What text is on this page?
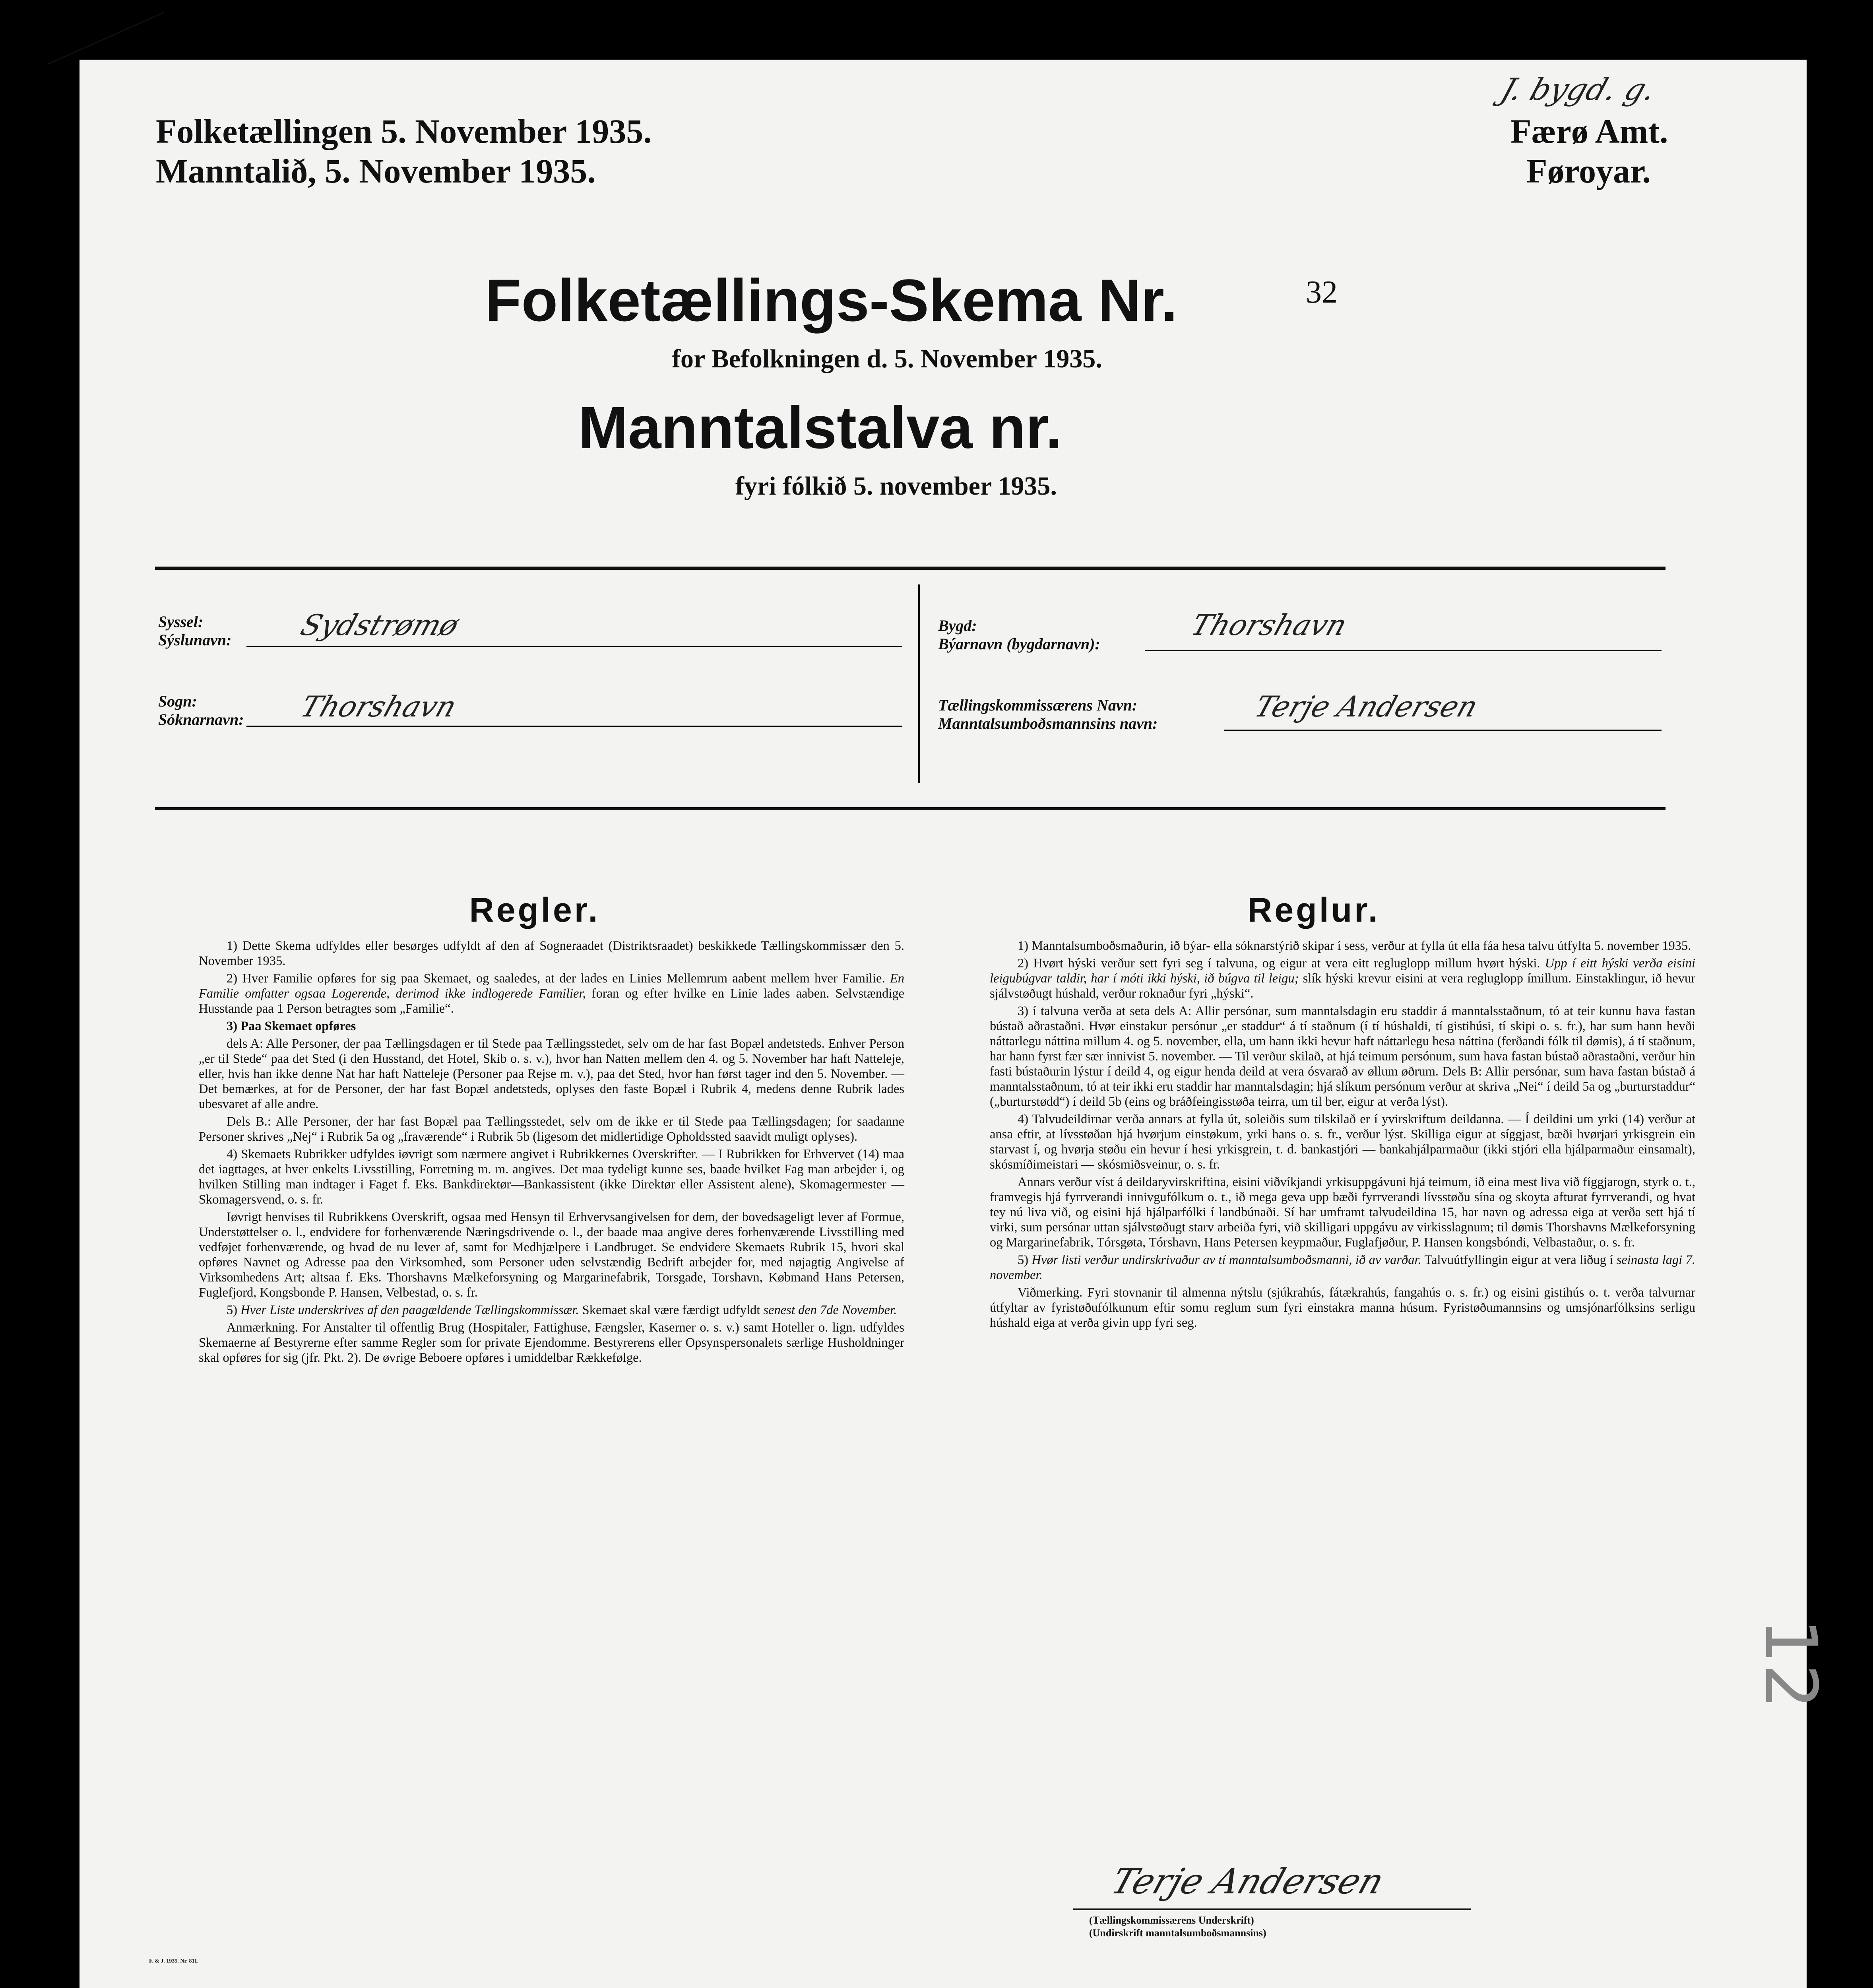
Folketællingen 5. November 1935.
Manntalið, 5. November 1935.
J. bygd. g.
Færø Amt.
Føroyar.
Folketællings-Skema Nr.	32
for Befolkningen d. 5. November 1935.
Manntalstalva nr.
fyri fólkið 5. november 1935.
Syssel:
Sýslunavn: Sydstrømø
Sogn:
Sóknarnavn: Thorshavn
Bygd:
Býarnavn (bygdarnavn):
Thorshavn
Tællingskommissærens Navn:
Manntalsumboðsmannsins navn:
Terje Andersen
Regler.	Reglur.

1) Dette Skema udfyldes eller besørges udfyldt af den af Sogneraadet (Distriktsraadet) beskikkede Tællingskommissær den 5. November 1935.

2) Hver Familie opføres for sig paa Skemaet, og saaledes, at der lades en Linies Mellemrum aabent mellem hver Familie. En Familie omfatter ogsaa Logerende, derimod ikke indlogerede Familier, foran og efter hvilke en Linie lades aaben. Selvstændige Husstande paa 1 Person betragtes som „Familie“.

3) Paa Skemaet opføres

dels A: Alle Personer, der paa Tællingsdagen er til Stede paa Tællingsstedet, selv om de har fast Bopæl andetsteds. Enhver Person „er til Stede“ paa det Sted (i den Husstand, det Hotel, Skib o. s. v.), hvor han Natten mellem den 4. og 5. November har haft Natteleje, eller, hvis han ikke denne Nat har haft Natteleje (Personer paa Rejse m. v.), paa det Sted, hvor han først tager ind den 5. November. — Det bemærkes, at for de Personer, der har fast Bopæl andetsteds, oplyses den faste Bopæl i Rubrik 4, medens denne Rubrik lades ubesvaret af alle andre.

Dels B.: Alle Personer, der har fast Bopæl paa Tællingsstedet, selv om de ikke er til Stede paa Tællingsdagen; for saadanne Personer skrives „Nej“ i Rubrik 5a og „fraværende“ i Rubrik 5b (ligesom det midlertidige Opholdssted saavidt muligt oplyses).

4) Skemaets Rubrikker udfyldes iøvrigt som nærmere angivet i Rubrikkernes Overskrifter. — I Rubrikken for Erhvervet (14) maa det iagttages, at hver enkelts Livsstilling, Forretning m. m. angives. Det maa tydeligt kunne ses, baade hvilket Fag man arbejder i, og hvilken Stilling man indtager i Faget f. Eks. Bankdirektør—Bankassistent (ikke Direktør eller Assistent alene), Skomagermester — Skomagersvend, o. s. fr.

Iøvrigt henvises til Rubrikkens Overskrift, ogsaa med Hensyn til Erhvervsangivelsen for dem, der bovedsageligt lever af Formue, Understøttelser o. l., endvidere for forhenværende Næringsdrivende o. l., der baade maa angive deres forhenværende Livsstilling med vedføjet forhenværende, og hvad de nu lever af, samt for Medhjælpere i Landbruget. Se endvidere Skemaets Rubrik 15, hvori skal opføres Navnet og Adresse paa den Virksomhed, som Personer uden selvstændig Bedrift arbejder for, med nøjagtig Angivelse af Virksomhedens Art; altsaa f. Eks. Thorshavns Mælkeforsyning og Margarinefabrik, Torsgade, Torshavn, Købmand Hans Petersen, Fuglefjord, Kongsbonde P. Hansen, Velbestad, o. s. fr.

5) Hver Liste underskrives af den paagældende Tællingskommissær. Skemaet skal være færdigt udfyldt senest den 7de November.

Anmærkning. For Anstalter til offentlig Brug (Hospitaler, Fattighuse, Fængsler, Kaserner o. s. v.) samt Hoteller o. lign. udfyldes Skemaerne af Bestyrerne efter samme Regler som for private Ejendomme. Bestyrerens eller Opsynspersonalets særlige Husholdninger skal opføres for sig (jfr. Pkt. 2). De øvrige Beboere opføres i umiddelbar Rækkefølge.

1) Manntalsumboðsmaðurin, ið býar- ella sóknarstýrið skipar í sess, verður at fylla út ella fáa hesa talvu útfylta 5. november 1935.

2) Hvørt hýski verður sett fyri seg í talvuna, og eigur at vera eitt regluglopp millum hvørt hýski. Upp í eitt hýski verða eisini leigubúgvar taldir, har í móti ikki hýski, ið búgva til leigu; slík hýski krevur eisini at vera regluglopp ímillum. Einstaklingur, ið hevur sjálvstøðugt húshald, verður roknaður fyri „hýski“.

3) í talvuna verða at seta dels A: Allir persónar, sum manntalsdagin eru staddir á manntalsstaðnum, tó at teir kunnu hava fastan bústað aðrastaðni. Hvør einstakur persónur „er staddur“ á tí staðnum (í tí húshaldi, tí gistihúsi, tí skipi o. s. fr.), har sum hann hevði náttarlegu náttina millum 4. og 5. november, ella, um hann ikki hevur haft náttarlegu hesa náttina (ferðandi fólk til dømis), á tí staðnum, har hann fyrst fær sær innivist 5. november. — Til verður skilað, at hjá teimum persónum, sum hava fastan bústað aðrastaðni, verður hin fasti bústaðurin lýstur í deild 4, og eigur henda deild at vera ósvarað av øllum øðrum. Dels B: Allir persónar, sum hava fastan bústað á manntalsstaðnum, tó at teir ikki eru staddir har manntalsdagin; hjá slíkum persónum verður at skriva „Nei“ í deild 5a og „burturstaddur“ („burturstødd“) í deild 5b (eins og bráðfeingisstøða teirra, um til ber, eigur at verða lýst).

4) Talvudeildirnar verða annars at fylla út, soleiðis sum tilskilað er í yvirskriftum deildanna. — Í deildini um yrki (14) verður at ansa eftir, at lívsstøðan hjá hvørjum einstøkum, yrki hans o. s. fr., verður lýst. Skilliga eigur at síggjast, bæði hvørjari yrkisgrein ein starvast í, og hvørja støðu ein hevur í hesi yrkisgrein, t. d. bankastjóri — bankahjálparmaður (ikki stjóri ella hjálparmaður einsamalt), skósmíðimeistari — skósmiðsveinur, o. s. fr.

Annars verður víst á deildaryvirskriftina, eisini viðvíkjandi yrkisuppgávuni hjá teimum, ið eina mest liva við fíggjarogn, styrk o. t., framvegis hjá fyrrverandi innivgufólkum o. t., ið mega geva upp bæði fyrrverandi lívsstøðu sína og skoyta afturat fyrrverandi, og hvat tey nú liva við, og eisini hjá hjálparfólki í landbúnaði. Sí har umframt talvudeildina 15, har navn og adressa eiga at verða sett hjá tí virki, sum persónar uttan sjálvstøðugt starv arbeiða fyri, við skilligari uppgávu av virkisslagnum; til dømis Thorshavns Mælkeforsyning og Margarinefabrik, Tórsgøta, Tórshavn, Hans Petersen keypmaður, Fuglafjøður, P. Hansen kongsbóndi, Velbastaður, o. s. fr.

5) Hvør listi verður undirskrivaður av tí manntalsumboðsmanni, ið av varðar. Talvuútfyllingin eigur at vera liðug í seinasta lagi 7. november.

Viðmerking. Fyri stovnanir til almenna nýtslu (sjúkrahús, fátækrahús, fangahús o. s. fr.) og eisini gistihús o. t. verða talvurnar útfyltar av fyristøðufólkunum eftir somu reglum sum fyri einstakra manna húsum. Fyristøðumannsins og umsjónarfólksins serligu húshald eiga at verða givin upp fyri seg.

Terje Andersen
(Tællingskommissærens Underskrift)
(Undirskrift manntalsumboðsmannsins)
F. & J. 1935. Nr. 811.
12
